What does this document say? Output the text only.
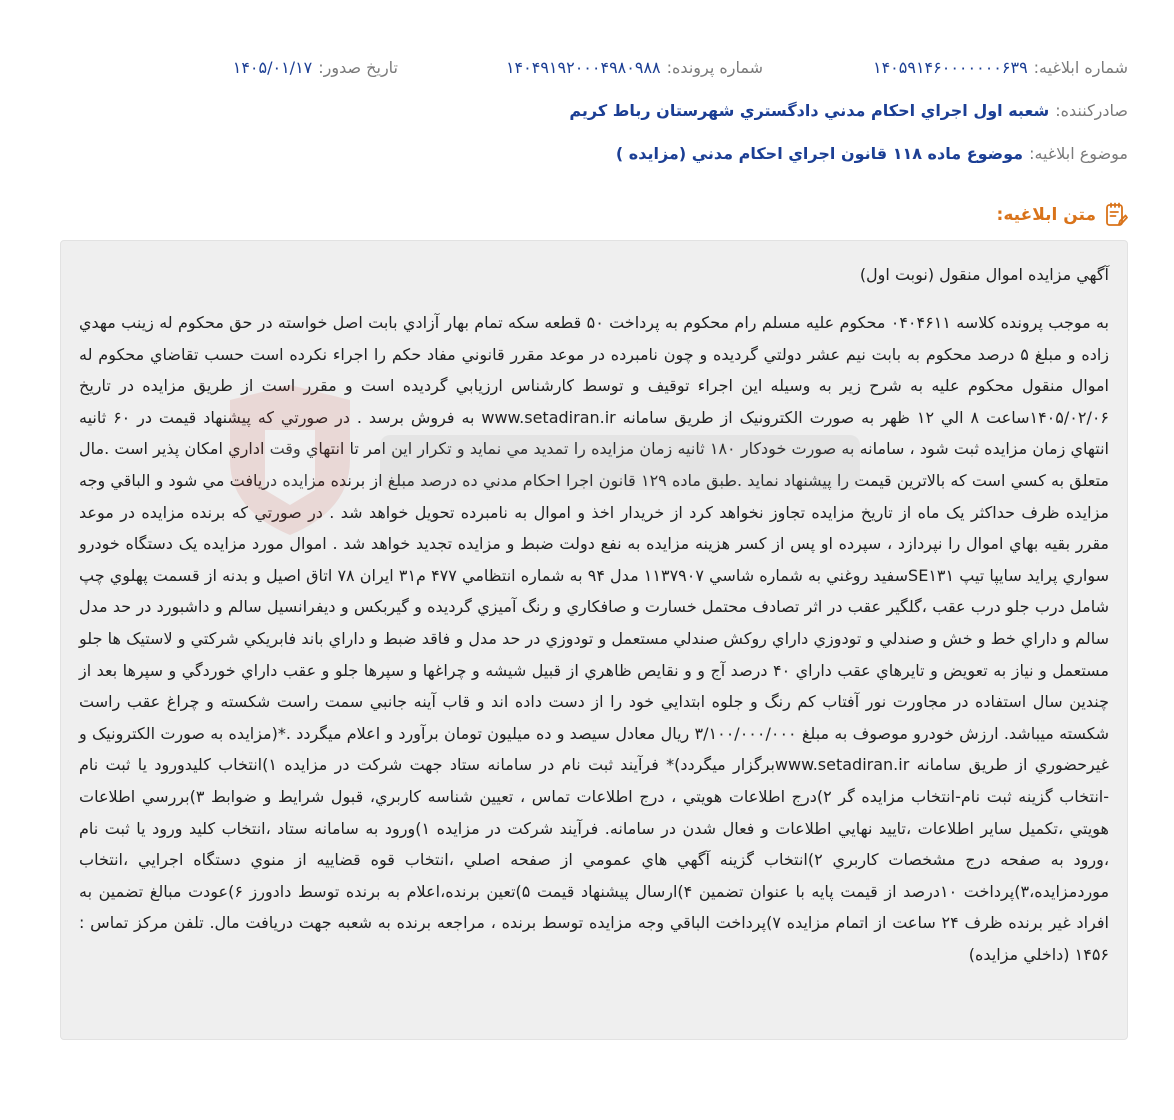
شماره ابلاغیه:
۱۴۰۵۹۱۴۶۰۰۰۰۰۰۰۶۳۹
شماره پرونده:
۱۴۰۴۹۱۹۲۰۰۰۴۹۸۰۹۸۸
تاریخ صدور:
۱۴۰۵/۰۱/۱۷
صادرکننده:
شعبه اول اجراي احکام مدني دادگستري شهرستان رباط کريم
موضوع ابلاغیه:
موضوع ماده ۱۱۸ قانون اجراي احکام مدني (مزايده )
متن ابلاغیه:
آگهي مزايده اموال منقول (نوبت اول)
به موجب پرونده کلاسه ۰۴۰۴۶۱۱ محکوم عليه مسلم رام محکوم به پرداخت ۵۰ قطعه سکه تمام بهار آزادي بابت اصل خواسته در حق محکوم له زينب مهدي زاده و مبلغ ۵ درصد محکوم به بابت نيم عشر دولتي گرديده و چون نامبرده در موعد مقرر قانوني مفاد حکم را اجراء نکرده است حسب تقاضاي محکوم له اموال منقول محکوم عليه به شرح زير به وسيله اين اجراء توقيف و توسط کارشناس ارزيابي گرديده است و مقرر است از طريق مزايده در تاريخ ۱۴۰۵/۰۲/۰۶ساعت ۸ الي ۱۲ ظهر به صورت الکترونيک از طريق سامانه www.setadiran.ir به فروش برسد . در صورتي که پيشنهاد قيمت در ۶۰ ثانيه انتهاي زمان مزايده ثبت شود ، سامانه به صورت خودکار ۱۸۰ ثانيه زمان مزايده را تمديد مي نمايد و تکرار اين امر تا انتهاي وقت اداري امکان پذير است .مال متعلق به کسي است که بالاترين قيمت را پيشنهاد نمايد .طبق ماده ۱۲۹ قانون اجرا احکام مدني ده درصد مبلغ از برنده مزايده دريافت مي شود و الباقي وجه مزايده ظرف حداکثر يک ماه از تاريخ مزايده تجاوز نخواهد کرد از خريدار اخذ و اموال به نامبرده تحويل خواهد شد . در صورتي که برنده مزايده در موعد مقرر بقيه بهاي اموال را نپردازد ، سپرده او پس از کسر هزينه مزايده به نفع دولت ضبط و مزايده تجديد خواهد شد . اموال مورد مزايده يک دستگاه خودرو سواري پرايد سايپا تيپ SE۱۳۱سفيد روغني به شماره شاسي ۱۱۳۷۹۰۷ مدل ۹۴ به شماره انتظامي ۴۷۷ م۳۱ ايران ۷۸ اتاق اصيل و بدنه از قسمت پهلوي چپ شامل درب جلو درب عقب ،گلگير عقب در اثر تصادف محتمل خسارت و صافکاري و رنگ آميزي گرديده و گيربکس و ديفرانسيل سالم و داشبورد در حد مدل سالم و داراي خط و خش و صندلي و تودوزي داراي روکش صندلي مستعمل و تودوزي در حد مدل و فاقد ضبط و داراي باند فابريکي شرکتي و لاستيک ها جلو مستعمل و نياز به تعويض و تايرهاي عقب داراي ۴۰ درصد آج و و نقايص ظاهري از قبيل شيشه و چراغها و سپرها جلو و عقب داراي خوردگي و سپرها بعد از چندين سال استفاده در مجاورت نور آفتاب کم رنگ و جلوه ابتدايي خود را از دست داده اند و قاب آينه جانبي سمت راست شکسته و چراغ عقب راست شکسته ميباشد. ارزش خودرو موصوف به مبلغ ۳/۱۰۰/۰۰۰/۰۰۰ ريال معادل سيصد و ده ميليون تومان برآورد و اعلام ميگردد .*(مزايده به صورت الکترونيک و غيرحضوري از طريق سامانه www.setadiran.irبرگزار ميگردد)* فرآيند ثبت نام در سامانه ستاد جهت شرکت در مزايده ۱)انتخاب کليدورود يا ثبت نام -انتخاب گزينه ثبت نام-انتخاب مزايده گر ۲)درج اطلاعات هويتي ، درج اطلاعات تماس ، تعيين شناسه کاربري، قبول شرايط و ضوابط ۳)بررسي اطلاعات هويتي ،تکميل ساير اطلاعات ،تاييد نهايي اطلاعات و فعال شدن در سامانه. فرآيند شرکت در مزايده ۱)ورود به سامانه ستاد ،انتخاب کليد ورود يا ثبت نام ،ورود به صفحه درج مشخصات کاربري ۲)انتخاب گزينه آگهي هاي عمومي از صفحه اصلي ،انتخاب قوه قضاييه از منوي دستگاه اجرايي ،انتخاب موردمزايده،۳)پرداخت ۱۰درصد از قيمت پايه با عنوان تضمين ۴)ارسال پيشنهاد قيمت ۵)تعين برنده،اعلام به برنده توسط دادورز ۶)عودت مبالغ تضمين به افراد غير برنده ظرف ۲۴ ساعت از اتمام مزايده ۷)پرداخت الباقي وجه مزايده توسط برنده ، مراجعه برنده به شعبه جهت دريافت مال. تلفن مرکز تماس : ۱۴۵۶ (داخلي مزايده)
